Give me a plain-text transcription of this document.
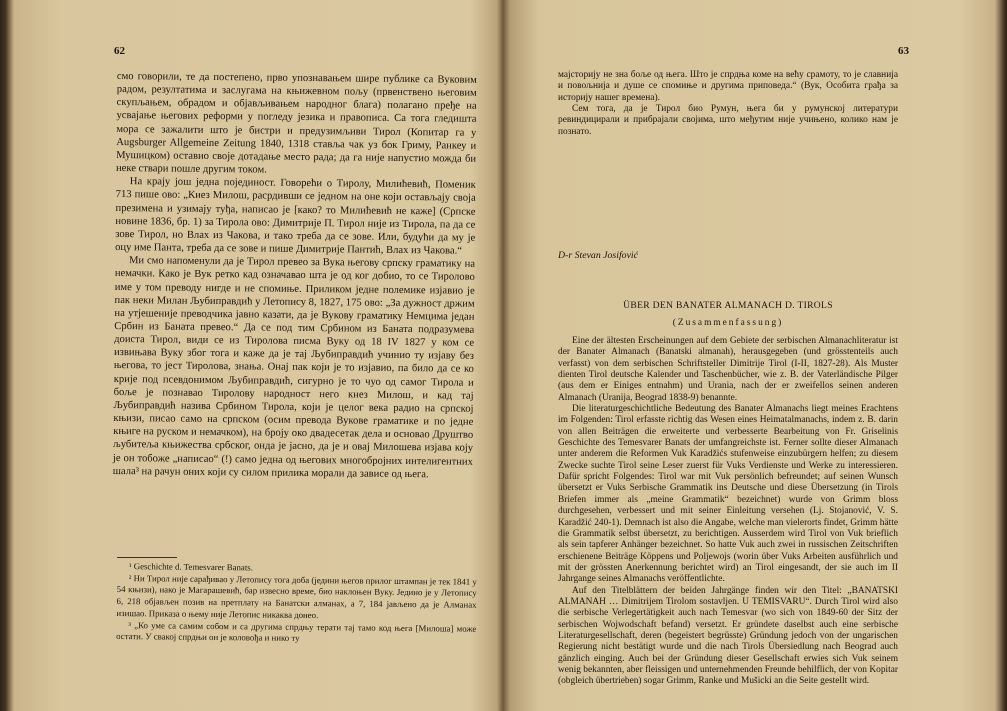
62

смо говорили, те да постепено, прво упознавањем шире публике са Вуковим радом, резултатима и заслугама на књижевном пољу (првенствено његовим скупљањем, обрадом и објављивањем народног блага) полагано пређе на усвајање његових реформи у погледу језика и правописа. Са тога гледишта мора се зажалити што је бистри и предузимљиви Тирол (Копитар га у Augsburger Allgemeine Zeitung 1840, 1318 ставља чак уз бок Гриму, Ранкеу и Мушицком) оставио своје дотадање место рада; да га није напустио можда би неке ствари пошле другим током.

На крају још једна појединост. Говорећи о Тиролу, Милићевић, Поменик 713 пише ово: „Киез Милош, расрдивши се једном на оне који остављају своја презимена и узимају туђа, написао је [како? то Милићевић не каже] (Српске новине 1836, бр. 1) за Тирола ово: Димитрије П. Тирол није из Тирола, па да се зове Тирол, но Влах из Чакова, и тако треба да се зове. Или, будући да му је оцу име Панта, треба да се зове и пише Димитрије Пантић, Влах из Чакова.“

Ми смо напоменули да је Тирол превео за Вука његову српску граматику на немачки. Како је Вук ретко кад означавао шта је од ког добио, то се Тиролово име у том преводу нигде и не спомиње. Приликом једне полемике изјавио је пак неки Милан Љубиправдић у Летопису 8, 1827, 175 ово: „За дужност држим на утјешеније преводчика јавно казати, да је Вукову граматику Немцима један Србин из Баната превео.“ Да се под тим Србином из Баната подразумева доиста Тирол, види се из Тиролова писма Вуку од 18 IV 1827 у ком се извињава Вуку због тога и каже да је тај Љубиправдић учинио ту изјаву без његова, то јест Тиролова, знања. Онај пак који је то изјавио, па било да се ко крије под псевдонимом Љубиправдић, сигурно је то чуо од самог Тирола и боље је познавао Тиролову народност него кнез Милош, и кад тај Љубиправдић назива Србином Тирола, који је целог века радио на српској књизи, писао само на српском (осим превода Вукове граматике и по једне књиге на руском и немачком), на броју око двадесетак дела и основао Друштво љубитеља књижества србског, онда је јасно, да је и овај Милошева изјава коју је он тобоже „написао“ (!) само једна од његових многобројних интелигентних шала³ на рачун оних који су силом прилика морали да зависе од њега.

¹ Geschichte d. Temesvarer Banats.

² Ни Тирол није сарађивао у Летопису тога доба (једини његов прилог штампан је тек 1841 у 54 књизи), иако је Магарашевић, бар извесно време, био наклоњен Вуку. Једино је у Летопису 6, 218 објављен позив на претплату на Банатски алманах, а 7, 184 јављено да је Алманах изишао. Приказа о њему није Летопис никаква донео.

³ „Ко уме са самим собом и са другима спрдњу терати тај тамо код њега [Милоша] може остати. У свакој спрдњи он је коловођа и нико ту

63

мајсторију не зна боље од њега. Што је спрдња коме на већу срамоту, то је славнија и повољнија и душе се спомиње и другима приповеда.“ (Вук, Особита грађа за историју нашег времена).

Сем тога, да је Тирол био Румун, њега би у румунској литератури ревиндицирали и прибрајали својима, што међутим није учињено, колико нам је познато.

D-r Stevan Josifović
ÜBER DEN BANATER ALMANACH D. TIROLS
(Zusammenfassung)

Eine der ältesten Erscheinungen auf dem Gebiete der serbischen Almanachliteratur ist der Banater Almanach (Banatski almanah), herausgegeben (und grösstenteils auch verfasst) von dem serbischen Schriftsteller Dimitrije Tirol (I-II, 1827-28). Als Muster dienten Tirol deutsche Kalender und Taschenbücher, wie z. B. der Vaterländische Pilger (aus dem er Einiges entnahm) und Urania, nach der er zweifellos seinen anderen Almanach (Uranija, Beograd 1838-9) benannte.

Die literaturgeschichtliche Bedeutung des Banater Almanachs liegt meines Erachtens im Folgenden: Tirol erfasste richtig das Wesen eines Heimatalmanachs, indem z. B. darin von allen Beiträgen die erweiterte und verbesserte Bearbeitung von Fr. Griselinis Geschichte des Temesvarer Banats der umfangreichste ist. Ferner sollte dieser Almanach unter anderem die Reformen Vuk Karadžićs stufenweise einzubürgern helfen; zu diesem Zwecke suchte Tirol seine Leser zuerst für Vuks Verdienste und Werke zu interessieren. Dafür spricht Folgendes: Tirol war mit Vuk persönlich befreundet; auf seinen Wunsch übersetzt er Vuks Serbische Grammatik ins Deutsche und diese Übersetzung (in Tirols Briefen immer als „meine Grammatik“ bezeichnet) wurde von Grimm bloss durchgesehen, verbessert und mit seiner Einleitung versehen (Lj. Stojanović, V. S. Karadžić 240-1). Demnach ist also die Angabe, welche man vielerorts findet, Grimm hätte die Grammatik selbst übersetzt, zu berichtigen. Ausserdem wird Tirol von Vuk brieflich als sein tapferer Anhänger bezeichnet. So hatte Vuk auch zwei in russischen Zeitschriften erschienene Beiträge Köppens und Poljewojs (worin über Vuks Arbeiten ausführlich und mit der grössten Anerkennung berichtet wird) an Tirol eingesandt, der sie auch im II Jahrgange seines Almanachs veröffentlichte.

Auf den Titelblättern der beiden Jahrgänge finden wir den Titel: „BANATSKI ALMANAH … Dimitrijem Tirolom sostavljen. U TEMISVARU“. Durch Tirol wird also die serbische Verlegertätigkeit auch nach Temesvar (wo sich von 1849-60 der Sitz der serbischen Wojwodschaft befand) versetzt. Er gründete daselbst auch eine serbische Literaturgesellschaft, deren (begeistert begrüsste) Gründung jedoch von der ungarischen Regierung nicht bestätigt wurde und die nach Tirols Übersiedlung nach Beograd auch gänzlich einging. Auch bei der Gründung dieser Gesellschaft erwies sich Vuk seinem wenig bekannten, aber fleissigen und unternehmenden Freunde behilflich, der von Kopitar (obgleich übertrieben) sogar Grimm, Ranke und Mušicki an die Seite gestellt wird.
